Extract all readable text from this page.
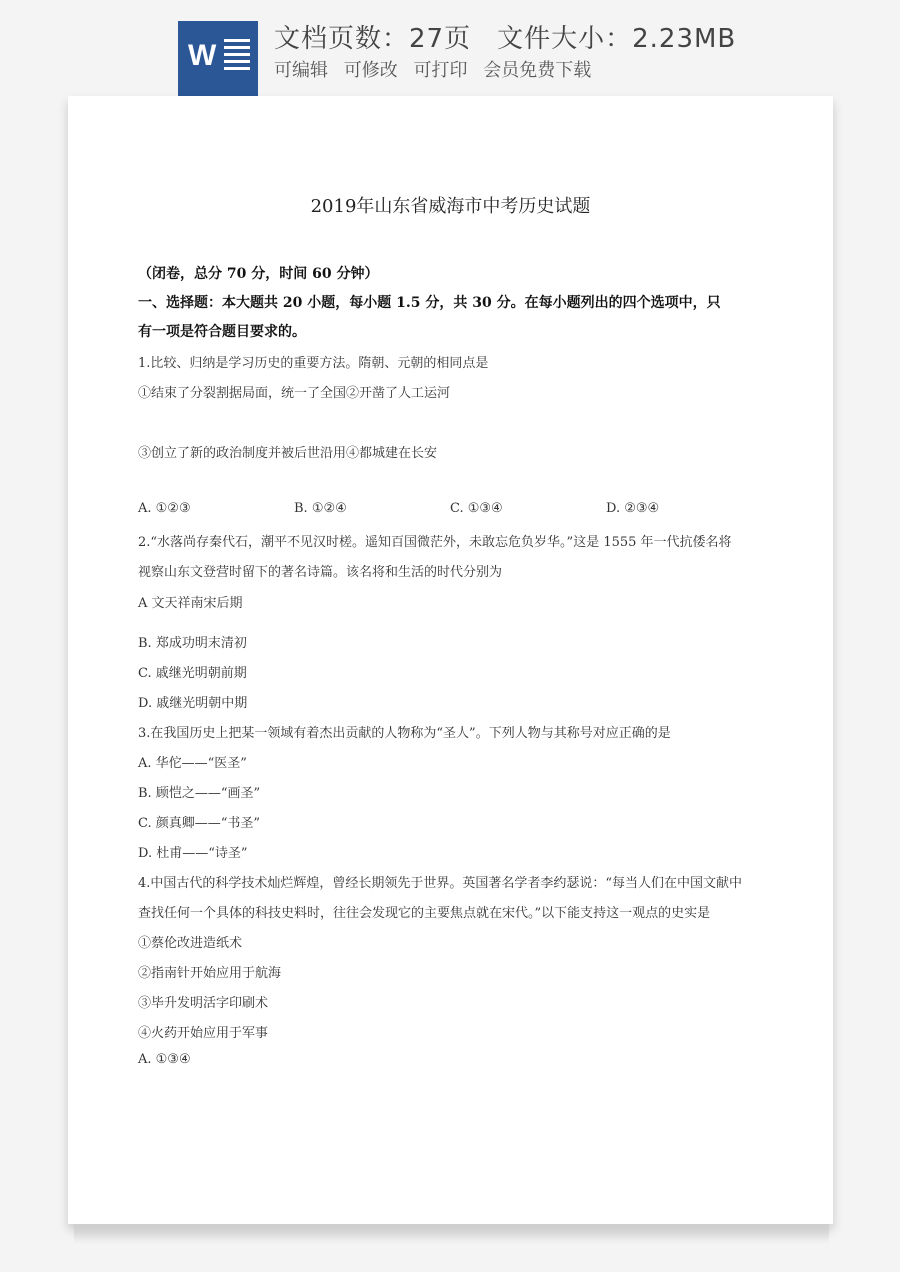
W 文档页数：27页 文件大小：2.23MB
可编辑 可修改 可打印 会员免费下载
2019年山东省威海市中考历史试题
（闭卷，总分 70 分，时间 60 分钟）
一、选择题：本大题共 20 小题，每小题 1.5 分，共 30 分。在每小题列出的四个选项中，只
有一项是符合题目要求的。
1.比较、归纳是学习历史的重要方法。隋朝、元朝的相同点是
①结束了分裂割据局面，统一了全国②开凿了人工运河
③创立了新的政治制度并被后世沿用④都城建在长安
A. ①②③	B. ①②④	C. ①③④	D. ②③④
2.“水落尚存秦代石，潮平不见汉时槎。遥知百国微茫外，未敢忘危负岁华。”这是 1555 年一代抗倭名将
视察山东文登营时留下的著名诗篇。该名将和生活的时代分别为
A 文天祥南宋后期
B. 郑成功明末清初
C. 戚继光明朝前期
D. 戚继光明朝中期
3.在我国历史上把某一领域有着杰出贡献的人物称为“圣人”。下列人物与其称号对应正确的是
A. 华佗——“医圣”
B. 顾恺之——“画圣”
C. 颜真卿——“书圣”
D. 杜甫——“诗圣”
4.中国古代的科学技术灿烂辉煌，曾经长期领先于世界。英国著名学者李约瑟说：“每当人们在中国文献中
查找任何一个具体的科技史料时，往往会发现它的主要焦点就在宋代。”以下能支持这一观点的史实是
①蔡伦改进造纸术
②指南针开始应用于航海
③毕升发明活字印刷术
④火药开始应用于军事
A. ①③④
